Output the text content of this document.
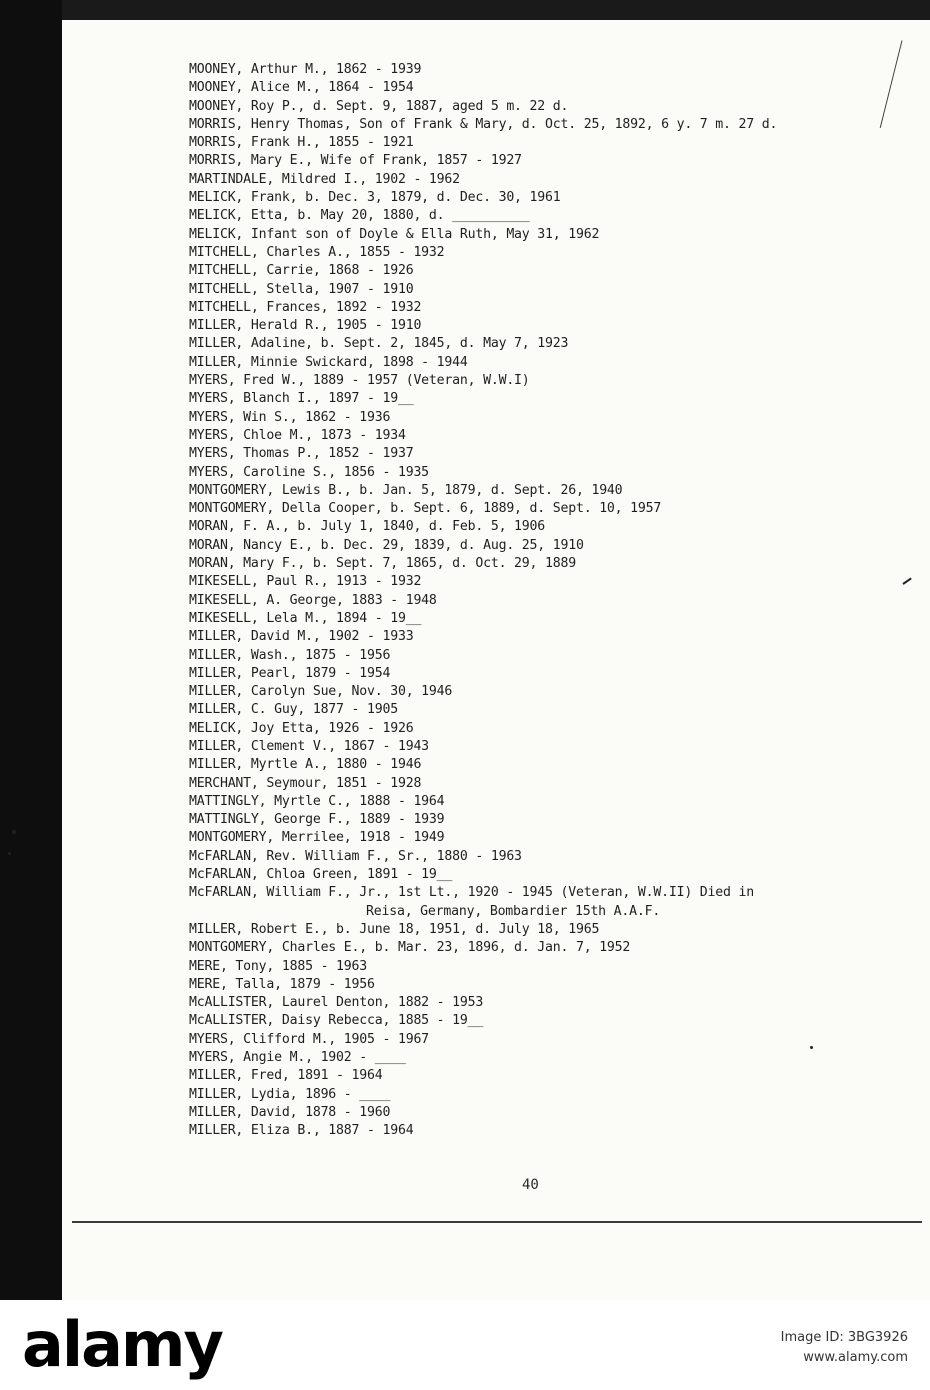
MOONEY, Arthur M., 1862 - 1939
MOONEY, Alice M., 1864 - 1954
MOONEY, Roy P., d. Sept. 9, 1887, aged 5 m. 22 d.
MORRIS, Henry Thomas, Son of Frank & Mary, d. Oct. 25, 1892, 6 y. 7 m. 27 d.
MORRIS, Frank H., 1855 - 1921
MORRIS, Mary E., Wife of Frank, 1857 - 1927
MARTINDALE, Mildred I., 1902 - 1962
MELICK, Frank, b. Dec. 3, 1879, d. Dec. 30, 1961
MELICK, Etta, b. May 20, 1880, d. __________
MELICK, Infant son of Doyle & Ella Ruth, May 31, 1962
MITCHELL, Charles A., 1855 - 1932
MITCHELL, Carrie, 1868 - 1926
MITCHELL, Stella, 1907 - 1910
MITCHELL, Frances, 1892 - 1932
MILLER, Herald R., 1905 - 1910
MILLER, Adaline, b. Sept. 2, 1845, d. May 7, 1923
MILLER, Minnie Swickard, 1898 - 1944
MYERS, Fred W., 1889 - 1957 (Veteran, W.W.I)
MYERS, Blanch I., 1897 - 19__
MYERS, Win S., 1862 - 1936
MYERS, Chloe M., 1873 - 1934
MYERS, Thomas P., 1852 - 1937
MYERS, Caroline S., 1856 - 1935
MONTGOMERY, Lewis B., b. Jan. 5, 1879, d. Sept. 26, 1940
MONTGOMERY, Della Cooper, b. Sept. 6, 1889, d. Sept. 10, 1957
MORAN, F. A., b. July 1, 1840, d. Feb. 5, 1906
MORAN, Nancy E., b. Dec. 29, 1839, d. Aug. 25, 1910
MORAN, Mary F., b. Sept. 7, 1865, d. Oct. 29, 1889
MIKESELL, Paul R., 1913 - 1932
MIKESELL, A. George, 1883 - 1948
MIKESELL, Lela M., 1894 - 19__
MILLER, David M., 1902 - 1933
MILLER, Wash., 1875 - 1956
MILLER, Pearl, 1879 - 1954
MILLER, Carolyn Sue, Nov. 30, 1946
MILLER, C. Guy, 1877 - 1905
MELICK, Joy Etta, 1926 - 1926
MILLER, Clement V., 1867 - 1943
MILLER, Myrtle A., 1880 - 1946
MERCHANT, Seymour, 1851 - 1928
MATTINGLY, Myrtle C., 1888 - 1964
MATTINGLY, George F., 1889 - 1939
MONTGOMERY, Merrilee, 1918 - 1949
McFARLAN, Rev. William F., Sr., 1880 - 1963
McFARLAN, Chloa Green, 1891 - 19__
McFARLAN, William F., Jr., 1st Lt., 1920 - 1945 (Veteran, W.W.II) Died in
Reisa, Germany, Bombardier 15th A.A.F.
MILLER, Robert E., b. June 18, 1951, d. July 18, 1965
MONTGOMERY, Charles E., b. Mar. 23, 1896, d. Jan. 7, 1952
MERE, Tony, 1885 - 1963
MERE, Talla, 1879 - 1956
McALLISTER, Laurel Denton, 1882 - 1953
McALLISTER, Daisy Rebecca, 1885 - 19__
MYERS, Clifford M., 1905 - 1967
MYERS, Angie M., 1902 - ____
MILLER, Fred, 1891 - 1964
MILLER, Lydia, 1896 - ____
MILLER, David, 1878 - 1960
MILLER, Eliza B., 1887 - 1964
40
alamy	Image ID: 3BG3926
www.alamy.com
